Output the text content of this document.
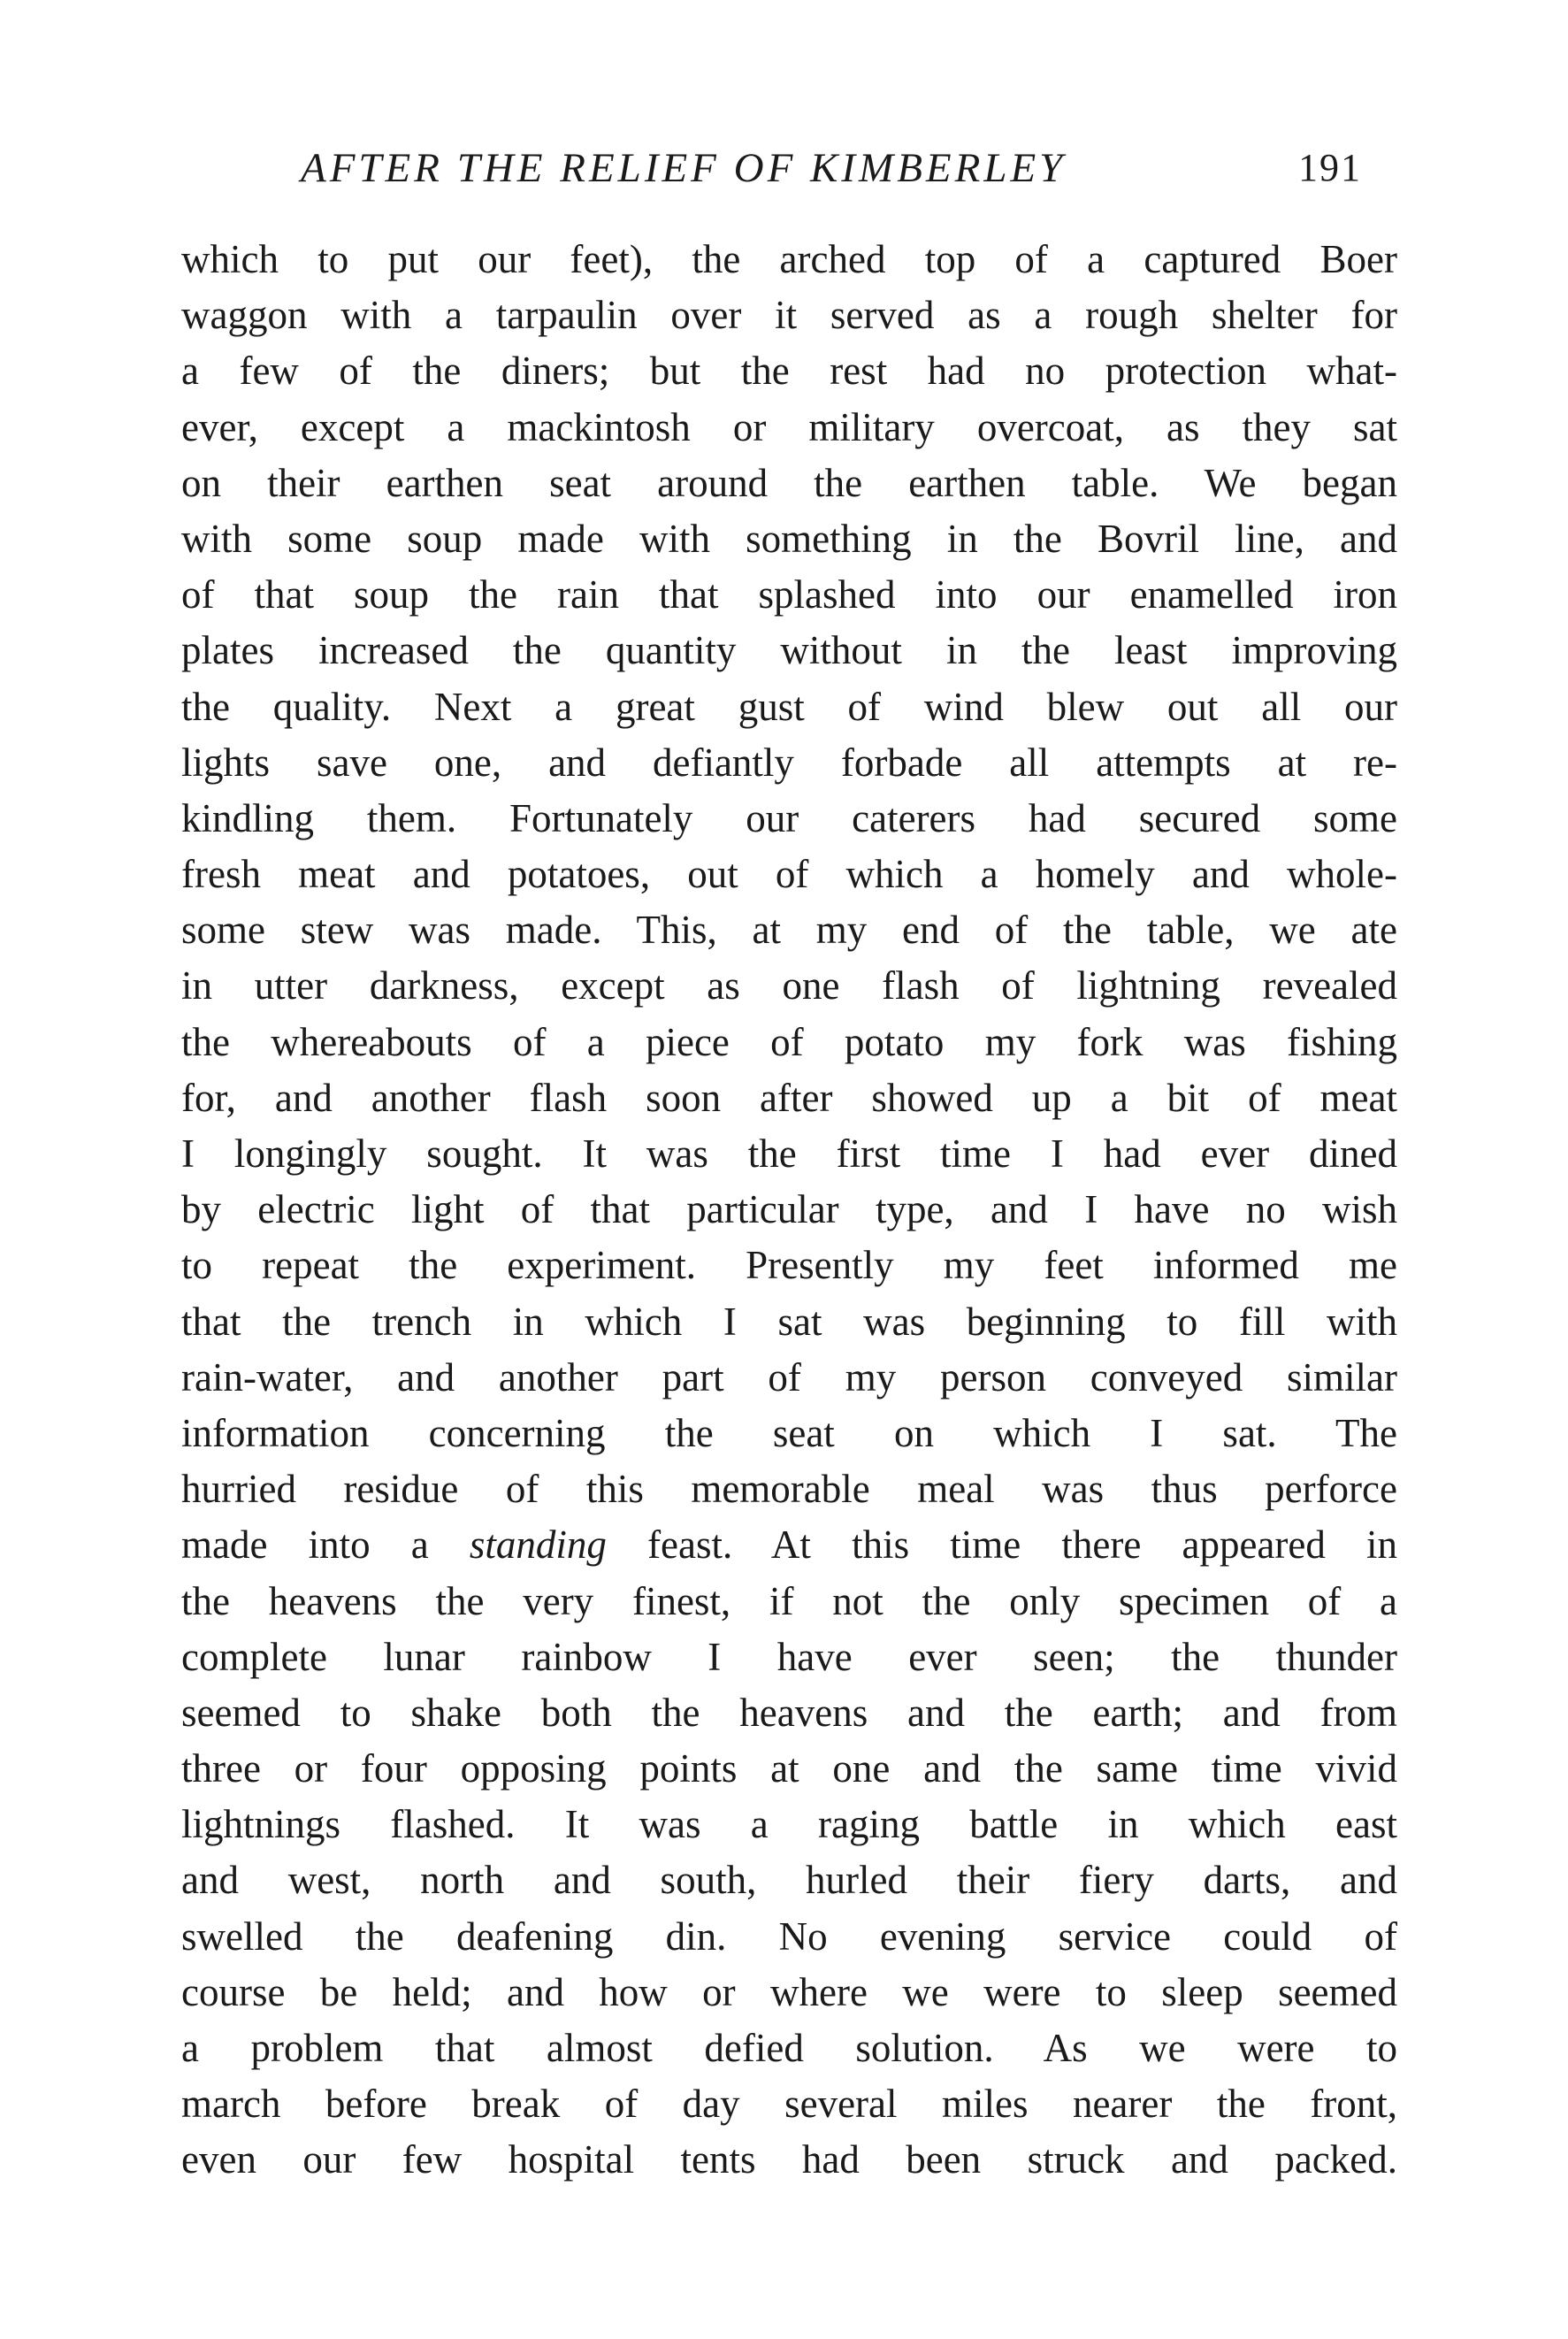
AFTER THE RELIEF OF KIMBERLEY	191
which to put our feet), the arched top of a captured Boer
waggon with a tarpaulin over it served as a rough shelter for
a few of the diners; but the rest had no protection what-
ever, except a mackintosh or military overcoat, as they sat
on their earthen seat around the earthen table. We began
with some soup made with something in the Bovril line, and
of that soup the rain that splashed into our enamelled iron
plates increased the quantity without in the least improving
the quality. Next a great gust of wind blew out all our
lights save one, and defiantly forbade all attempts at re-
kindling them. Fortunately our caterers had secured some
fresh meat and potatoes, out of which a homely and whole-
some stew was made. This, at my end of the table, we ate
in utter darkness, except as one flash of lightning revealed
the whereabouts of a piece of potato my fork was fishing
for, and another flash soon after showed up a bit of meat
I longingly sought. It was the first time I had ever dined
by electric light of that particular type, and I have no wish
to repeat the experiment. Presently my feet informed me
that the trench in which I sat was beginning to fill with
rain-water, and another part of my person conveyed similar
information concerning the seat on which I sat. The
hurried residue of this memorable meal was thus perforce
made into a standing feast. At this time there appeared in
the heavens the very finest, if not the only specimen of a
complete lunar rainbow I have ever seen; the thunder
seemed to shake both the heavens and the earth; and from
three or four opposing points at one and the same time vivid
lightnings flashed. It was a raging battle in which east
and west, north and south, hurled their fiery darts, and
swelled the deafening din. No evening service could of
course be held; and how or where we were to sleep seemed
a problem that almost defied solution. As we were to
march before break of day several miles nearer the front,
even our few hospital tents had been struck and packed.
